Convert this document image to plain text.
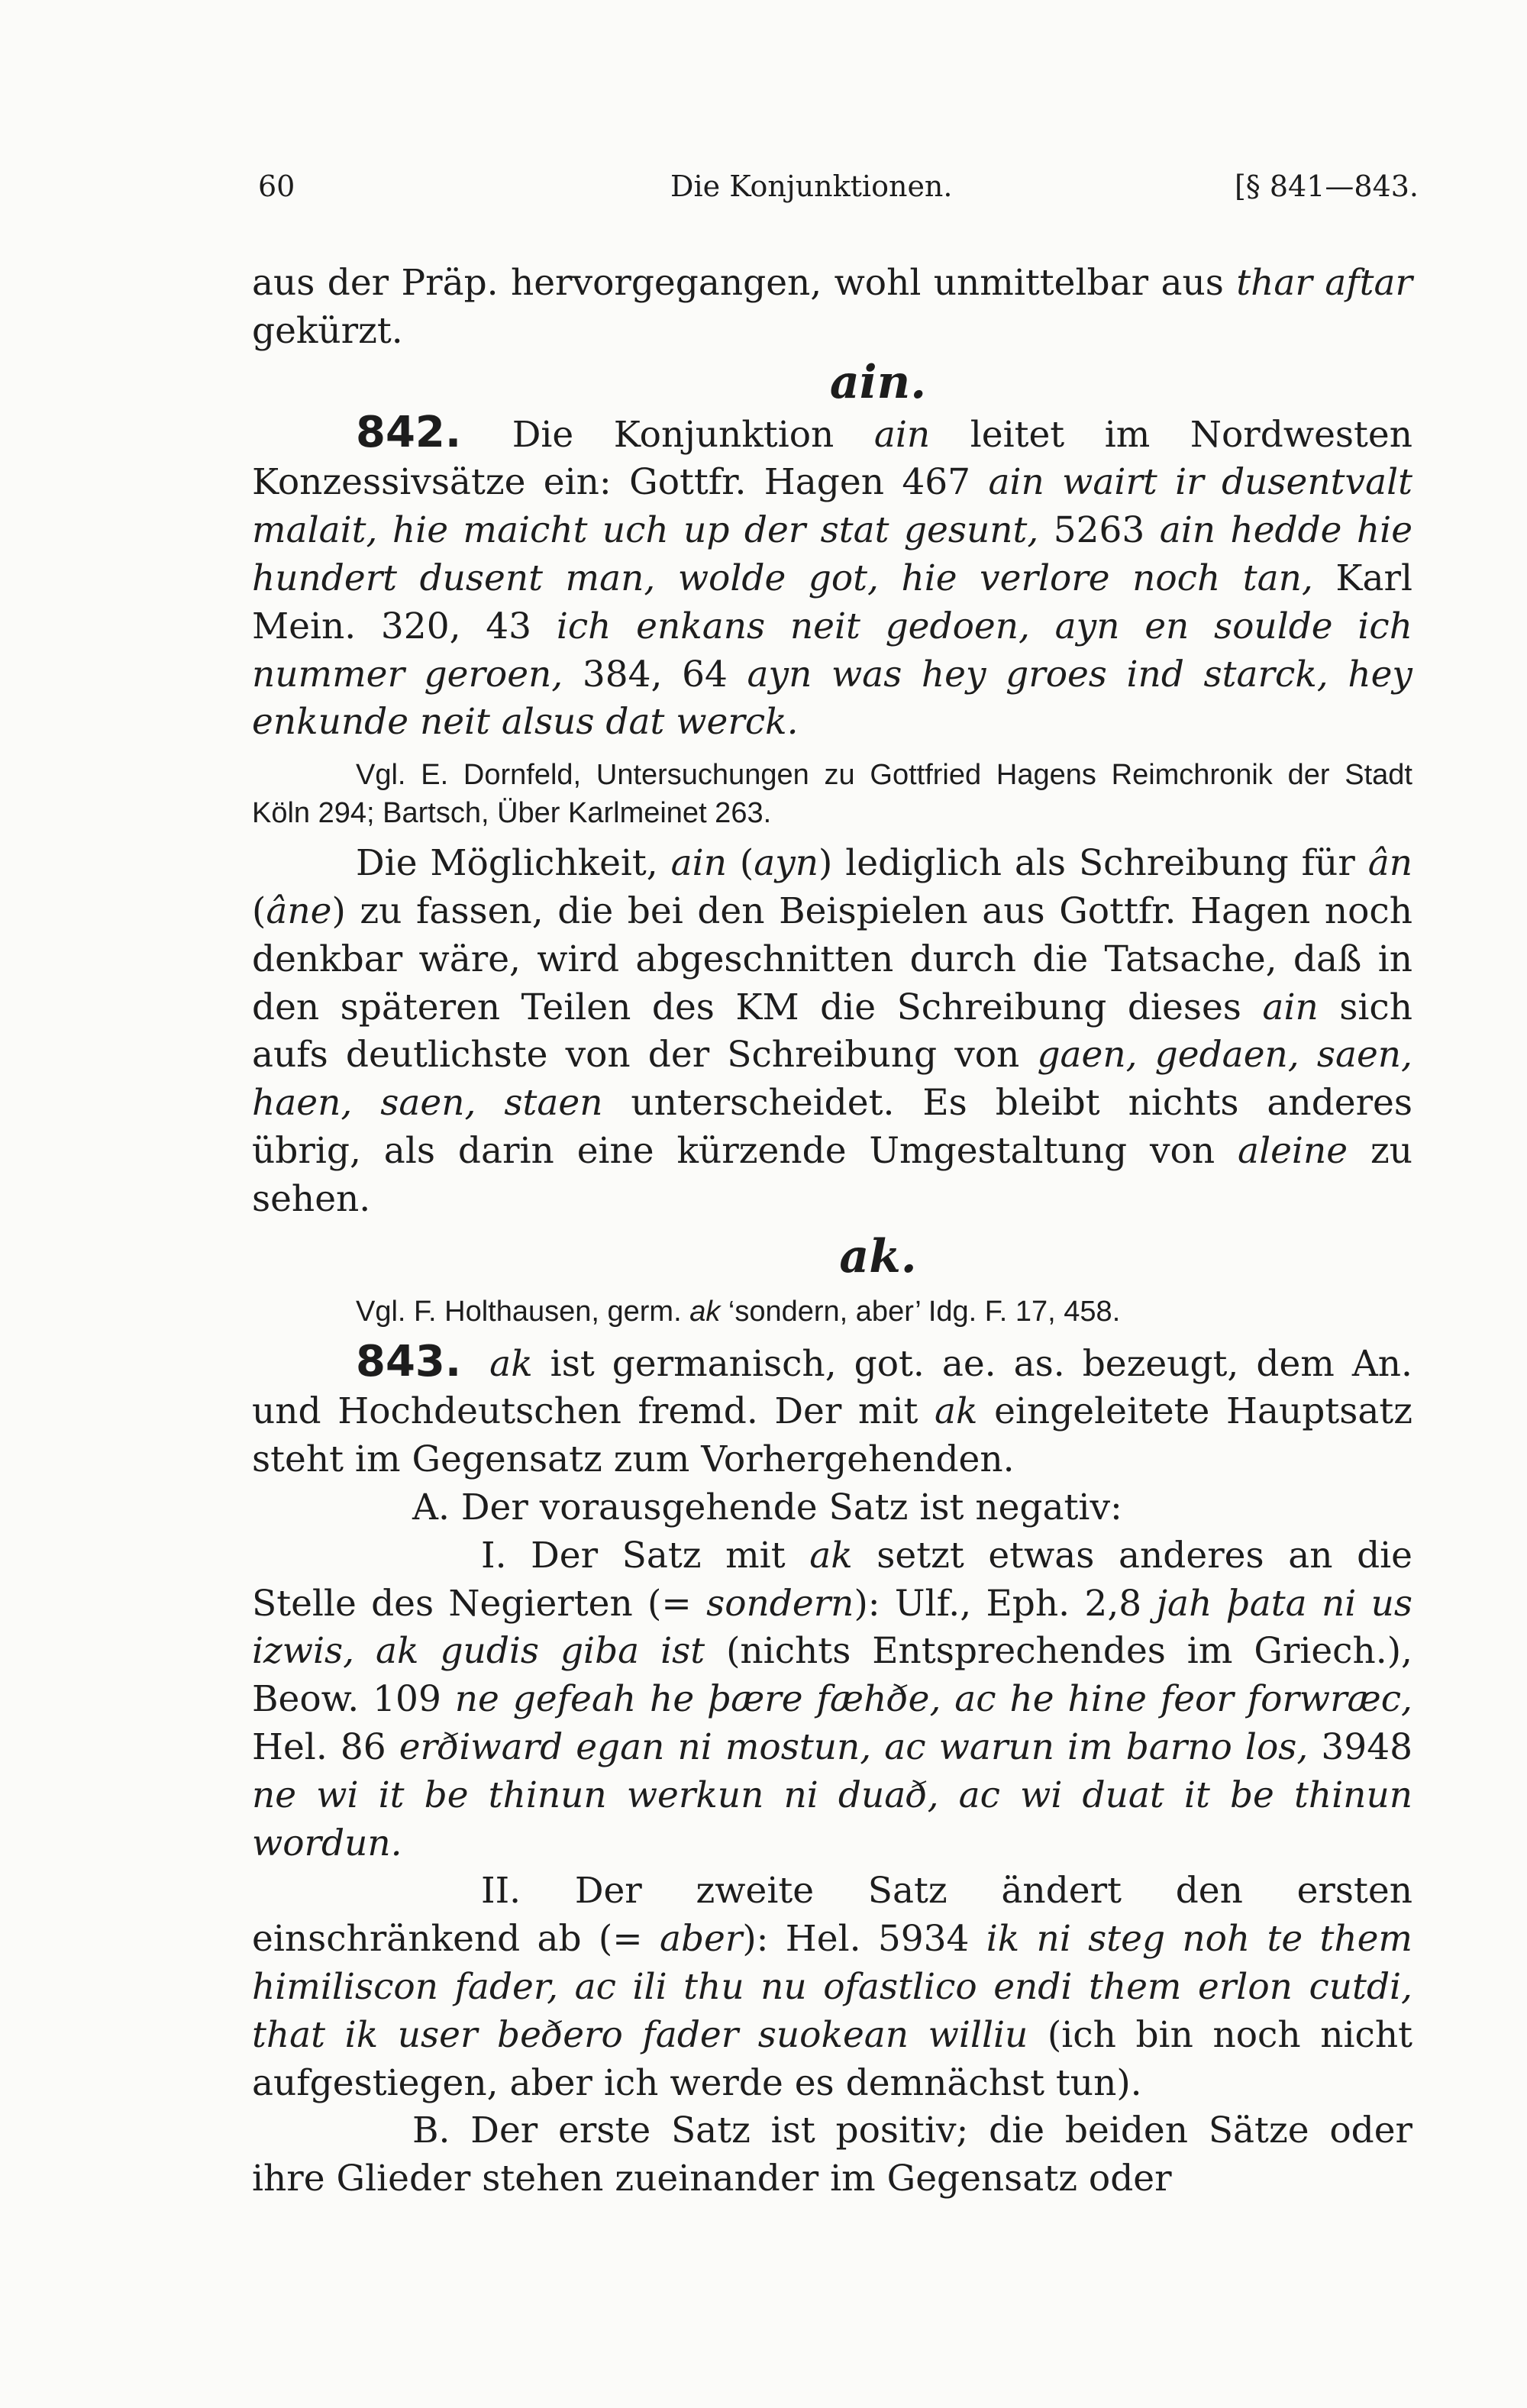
60	Die Konjunktionen.	[§ 841—843.

aus der Präp. hervorgegangen, wohl unmittelbar aus thar aftar gekürzt.

ain.

842. Die Konjunktion ain leitet im Nordwesten Konzessivsätze ein: Gottfr. Hagen 467 ain wairt ir dusentvalt malait, hie maicht uch up der stat gesunt, 5263 ain hedde hie hundert dusent man, wolde got, hie verlore noch tan, Karl Mein. 320, 43 ich enkans neit gedoen, ayn en soulde ich nummer geroen, 384, 64 ayn was hey groes ind starck, hey enkunde neit alsus dat werck.

Vgl. E. Dornfeld, Untersuchungen zu Gottfried Hagens Reimchronik der Stadt Köln 294; Bartsch, Über Karlmeinet 263.

Die Möglichkeit, ain (ayn) lediglich als Schreibung für ân (âne) zu fassen, die bei den Beispielen aus Gottfr. Hagen noch denkbar wäre, wird abgeschnitten durch die Tatsache, daß in den späteren Teilen des KM die Schreibung dieses ain sich aufs deutlichste von der Schreibung von gaen, gedaen, saen, haen, saen, staen unterscheidet. Es bleibt nichts anderes übrig, als darin eine kürzende Umgestaltung von aleine zu sehen.

ak.

Vgl. F. Holthausen, germ. ak ‘sondern, aber’ Idg. F. 17, 458.

843. ak ist germanisch, got. ae. as. bezeugt, dem An. und Hochdeutschen fremd. Der mit ak eingeleitete Hauptsatz steht im Gegensatz zum Vorhergehenden.

A. Der vorausgehende Satz ist negativ:

I. Der Satz mit ak setzt etwas anderes an die Stelle des Negierten (= sondern): Ulf., Eph. 2,8 jah þata ni us izwis, ak gudis giba ist (nichts Entsprechendes im Griech.), Beow. 109 ne gefeah he þære fæhðe, ac he hine feor forwræc, Hel. 86 erðiward egan ni mostun, ac warun im barno los, 3948 ne wi it be thinun werkun ni duað, ac wi duat it be thinun wordun.

II. Der zweite Satz ändert den ersten einschränkend ab (= aber): Hel. 5934 ik ni steg noh te them himiliscon fader, ac ili thu nu ofastlico endi them erlon cutdi, that ik user beðero fader suokean williu (ich bin noch nicht aufgestiegen, aber ich werde es demnächst tun).

B. Der erste Satz ist positiv; die beiden Sätze oder ihre Glieder stehen zueinander im Gegensatz oder
